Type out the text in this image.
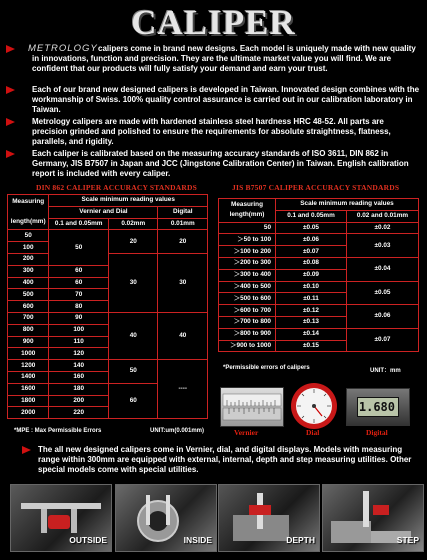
CALIPER
calipers come in brand new designs. Each model is uniquely made with new quality in innovations, function and precision. They are the ultimate market value you will find. We are confident that our products will fully satisfy your demand and earn your trust.
METROLOGY
Each of our brand new designed calipers is developed in Taiwan. Innovated design combines with the workmanship of Swiss. 100% quality control assurance is carried out in our calibration laboratory in Taiwan.
Metrology calipers are made with hardened stainless steel hardness HRC 48-52. All parts are precision grinded and polished to ensure the requirements for absolute straightness, flatness, parallels, and rigidity.
Each caliper is calibrated based on the measuring accuracy standards of ISO 3611, DIN 862 in Germany, JIS B7507 in Japan and JCC (Jingstone Calibration Center) in Taiwan. English calibration report is included with every caliper.
DIN 862 CALIPER ACCURACY STANDARDS
Measuring

length(mm)	Scale minimum reading values		
	Vernier and Dial		Digital
	0.1 and 0.05mm	0.02mm	0.01mm
50	50	20	20
100			
200		30	30
300	60		
400	60		
500	70		
600	80		
700	90	40	40
800	100		
900	110		
1000	120		
1200	140	50	----
1400	160		
1600	180	60	
1800	200		
2000	220		
*MPE : Max Permissible Errors	UNIT:um(0.001mm)
JIS B7507 CALIPER ACCURACY STANDARDS
Measuring
length(mm)	Scale minimum reading values	
	0.1 and 0.05mm	0.02 and 0.01mm
50	±0.05	±0.02
＞50 to 100	±0.06	±0.03
＞100 to 200	±0.07	
＞200 to 300	±0.08	±0.04
＞300 to 400	±0.09	
＞400 to 500	±0.10	±0.05
＞500 to 600	±0.11	
＞600 to 700	±0.12	±0.06
＞700 to 800	±0.13	
＞800 to 900	±0.14	±0.07
＞900 to 1000	±0.15	
*Permissible errors of calipers	UNIT：mm
Vernier	Dial
1.680
Digital
The all new designed calipers come in Vernier, dial, and digital displays. Models with measuring range within 300mm are equipped with external, internal, depth and step measuring utilities. Other special models come with special utilities.
OUTSIDE	INSIDE	DEPTH	STEP
